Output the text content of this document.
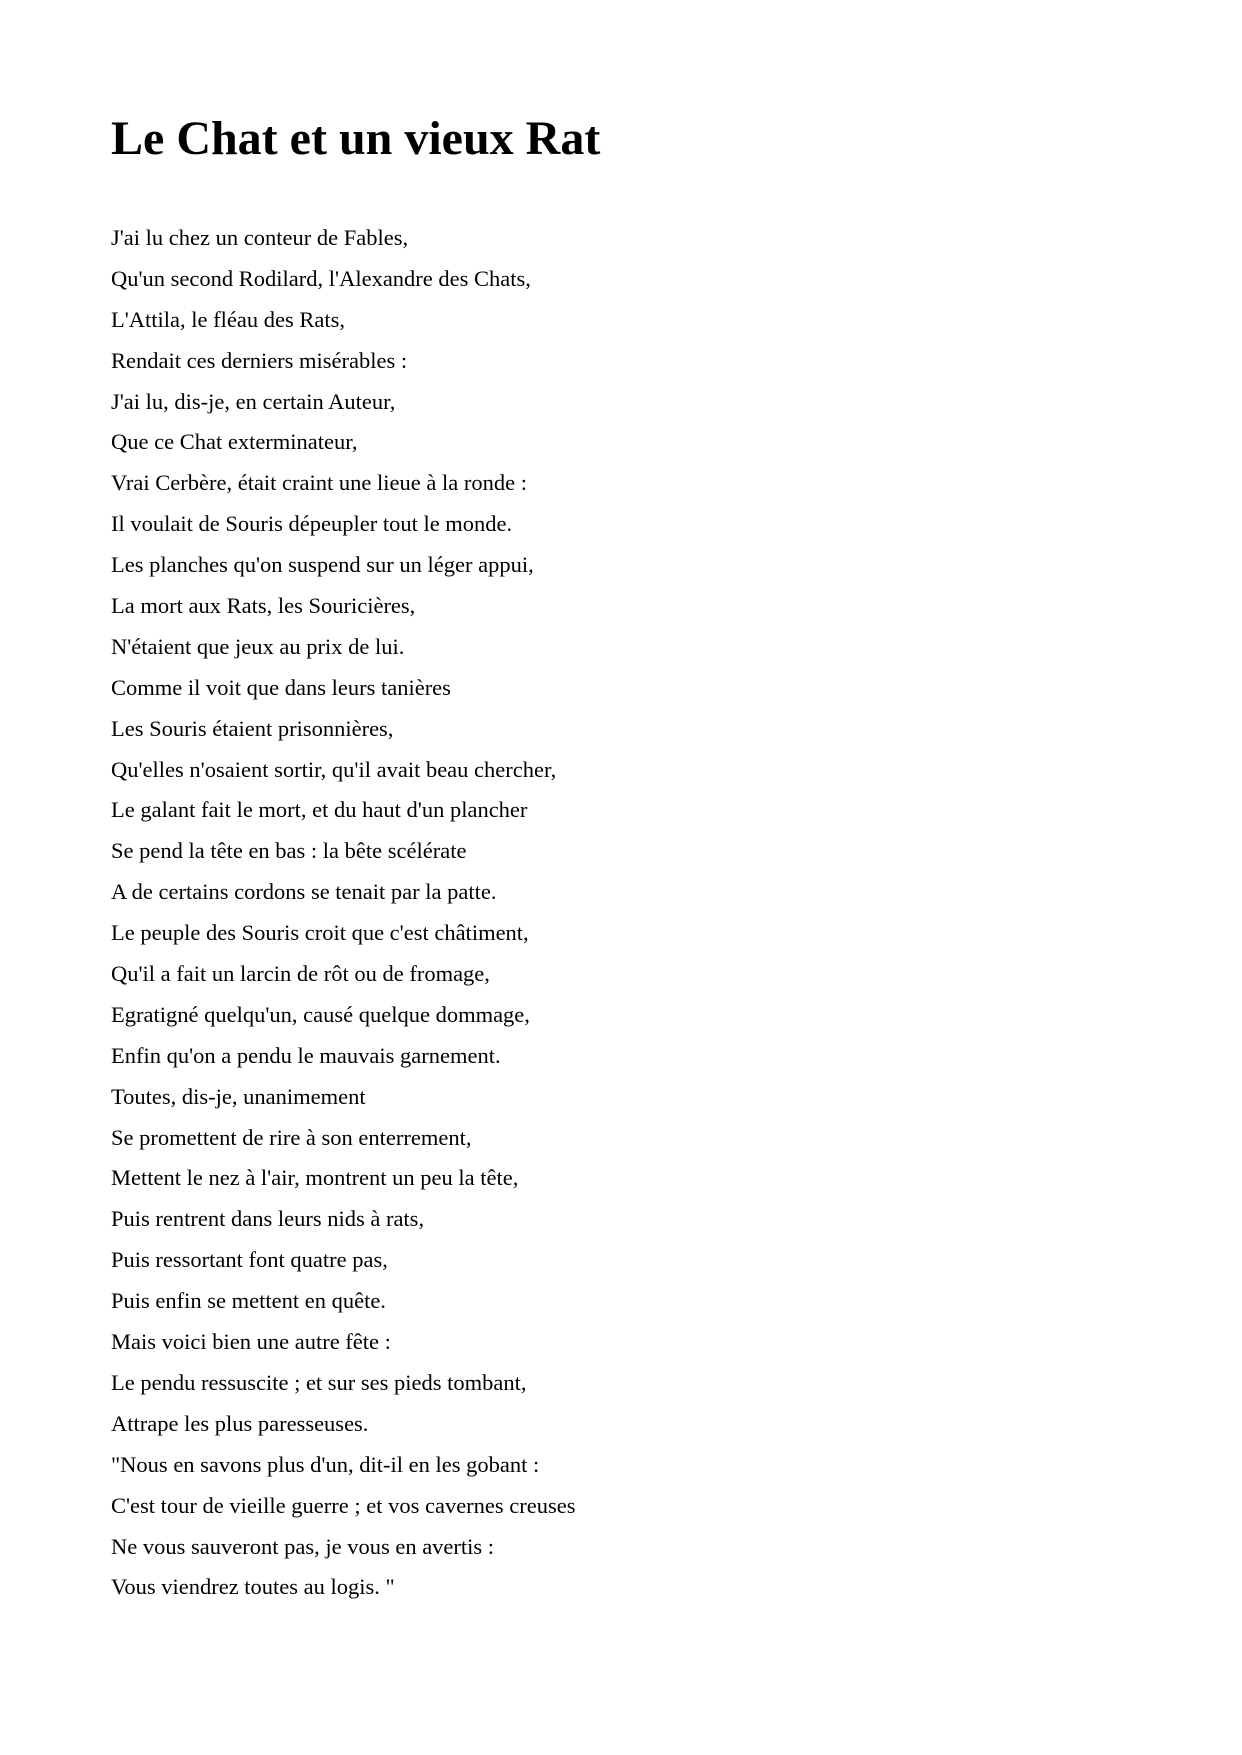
Le Chat et un vieux Rat
J'ai lu chez un conteur de Fables,
Qu'un second Rodilard, l'Alexandre des Chats,
L'Attila, le fléau des Rats,
Rendait ces derniers misérables :
J'ai lu, dis-je, en certain Auteur,
Que ce Chat exterminateur,
Vrai Cerbère, était craint une lieue à la ronde :
Il voulait de Souris dépeupler tout le monde.
Les planches qu'on suspend sur un léger appui,
La mort aux Rats, les Souricières,
N'étaient que jeux au prix de lui.
Comme il voit que dans leurs tanières
Les Souris étaient prisonnières,
Qu'elles n'osaient sortir, qu'il avait beau chercher,
Le galant fait le mort, et du haut d'un plancher
Se pend la tête en bas : la bête scélérate
A de certains cordons se tenait par la patte.
Le peuple des Souris croit que c'est châtiment,
Qu'il a fait un larcin de rôt ou de fromage,
Egratigné quelqu'un, causé quelque dommage,
Enfin qu'on a pendu le mauvais garnement.
Toutes, dis-je, unanimement
Se promettent de rire à son enterrement,
Mettent le nez à l'air, montrent un peu la tête,
Puis rentrent dans leurs nids à rats,
Puis ressortant font quatre pas,
Puis enfin se mettent en quête.
Mais voici bien une autre fête :
Le pendu ressuscite ; et sur ses pieds tombant,
Attrape les plus paresseuses.
"Nous en savons plus d'un, dit-il en les gobant :
C'est tour de vieille guerre ; et vos cavernes creuses
Ne vous sauveront pas, je vous en avertis :
Vous viendrez toutes au logis. "
